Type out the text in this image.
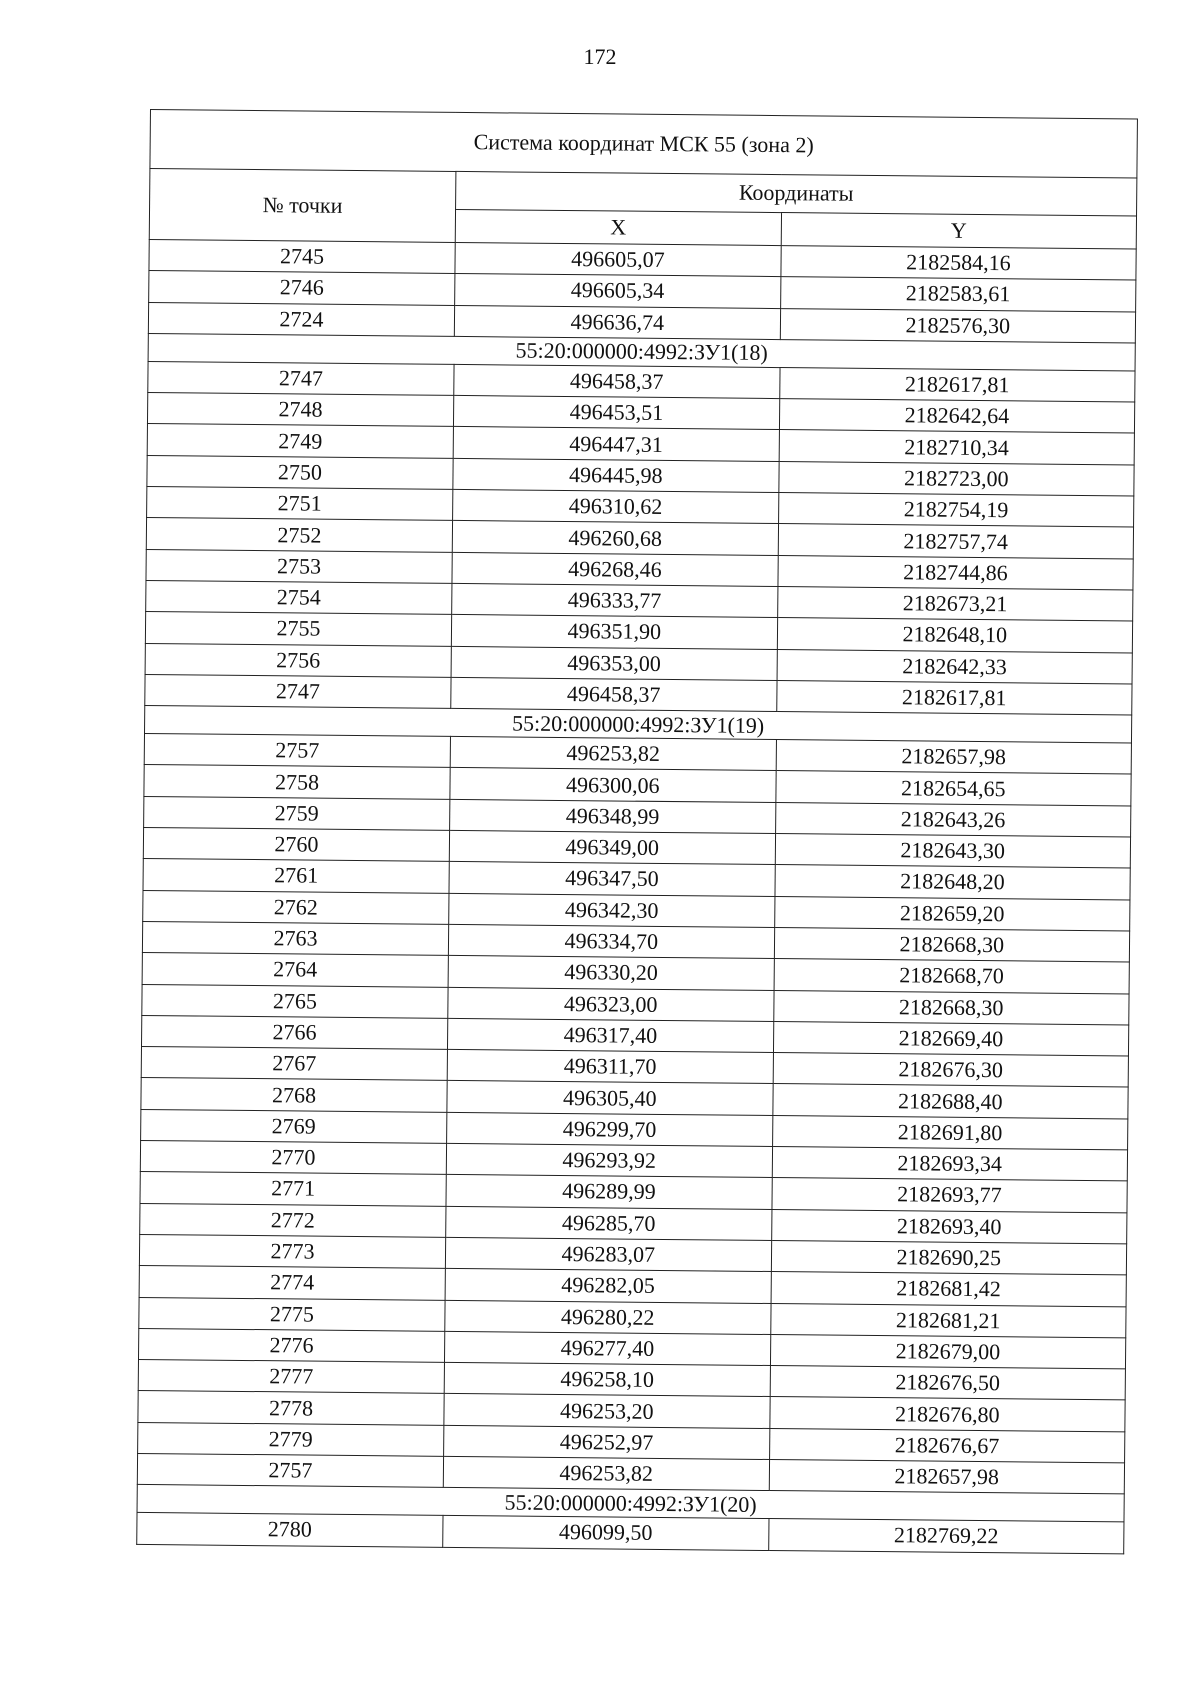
172
Система координат МСК 55 (зона 2)		
№ точки	Координаты	
	X	Y
2745	496605,07	2182584,16
2746	496605,34	2182583,61
2724	496636,74	2182576,30
55:20:000000:4992:ЗУ1(18)		
2747	496458,37	2182617,81
2748	496453,51	2182642,64
2749	496447,31	2182710,34
2750	496445,98	2182723,00
2751	496310,62	2182754,19
2752	496260,68	2182757,74
2753	496268,46	2182744,86
2754	496333,77	2182673,21
2755	496351,90	2182648,10
2756	496353,00	2182642,33
2747	496458,37	2182617,81
55:20:000000:4992:ЗУ1(19)		
2757	496253,82	2182657,98
2758	496300,06	2182654,65
2759	496348,99	2182643,26
2760	496349,00	2182643,30
2761	496347,50	2182648,20
2762	496342,30	2182659,20
2763	496334,70	2182668,30
2764	496330,20	2182668,70
2765	496323,00	2182668,30
2766	496317,40	2182669,40
2767	496311,70	2182676,30
2768	496305,40	2182688,40
2769	496299,70	2182691,80
2770	496293,92	2182693,34
2771	496289,99	2182693,77
2772	496285,70	2182693,40
2773	496283,07	2182690,25
2774	496282,05	2182681,42
2775	496280,22	2182681,21
2776	496277,40	2182679,00
2777	496258,10	2182676,50
2778	496253,20	2182676,80
2779	496252,97	2182676,67
2757	496253,82	2182657,98
55:20:000000:4992:ЗУ1(20)		
2780	496099,50	2182769,22
